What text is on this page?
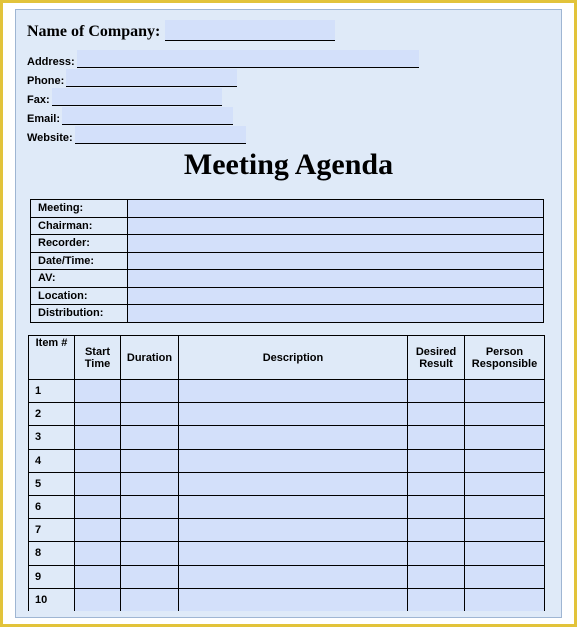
Name of Company:
Address:
Phone:
Fax:
Email:
Website:
Meeting Agenda
Meeting:	
Chairman:	
Recorder:	
Date/Time:	
AV:	
Location:	
Distribution:	
Item #	Start Time	Duration	Description	Desired Result	Person Responsible
1					
2					
3					
4					
5					
6					
7					
8					
9					
10					
